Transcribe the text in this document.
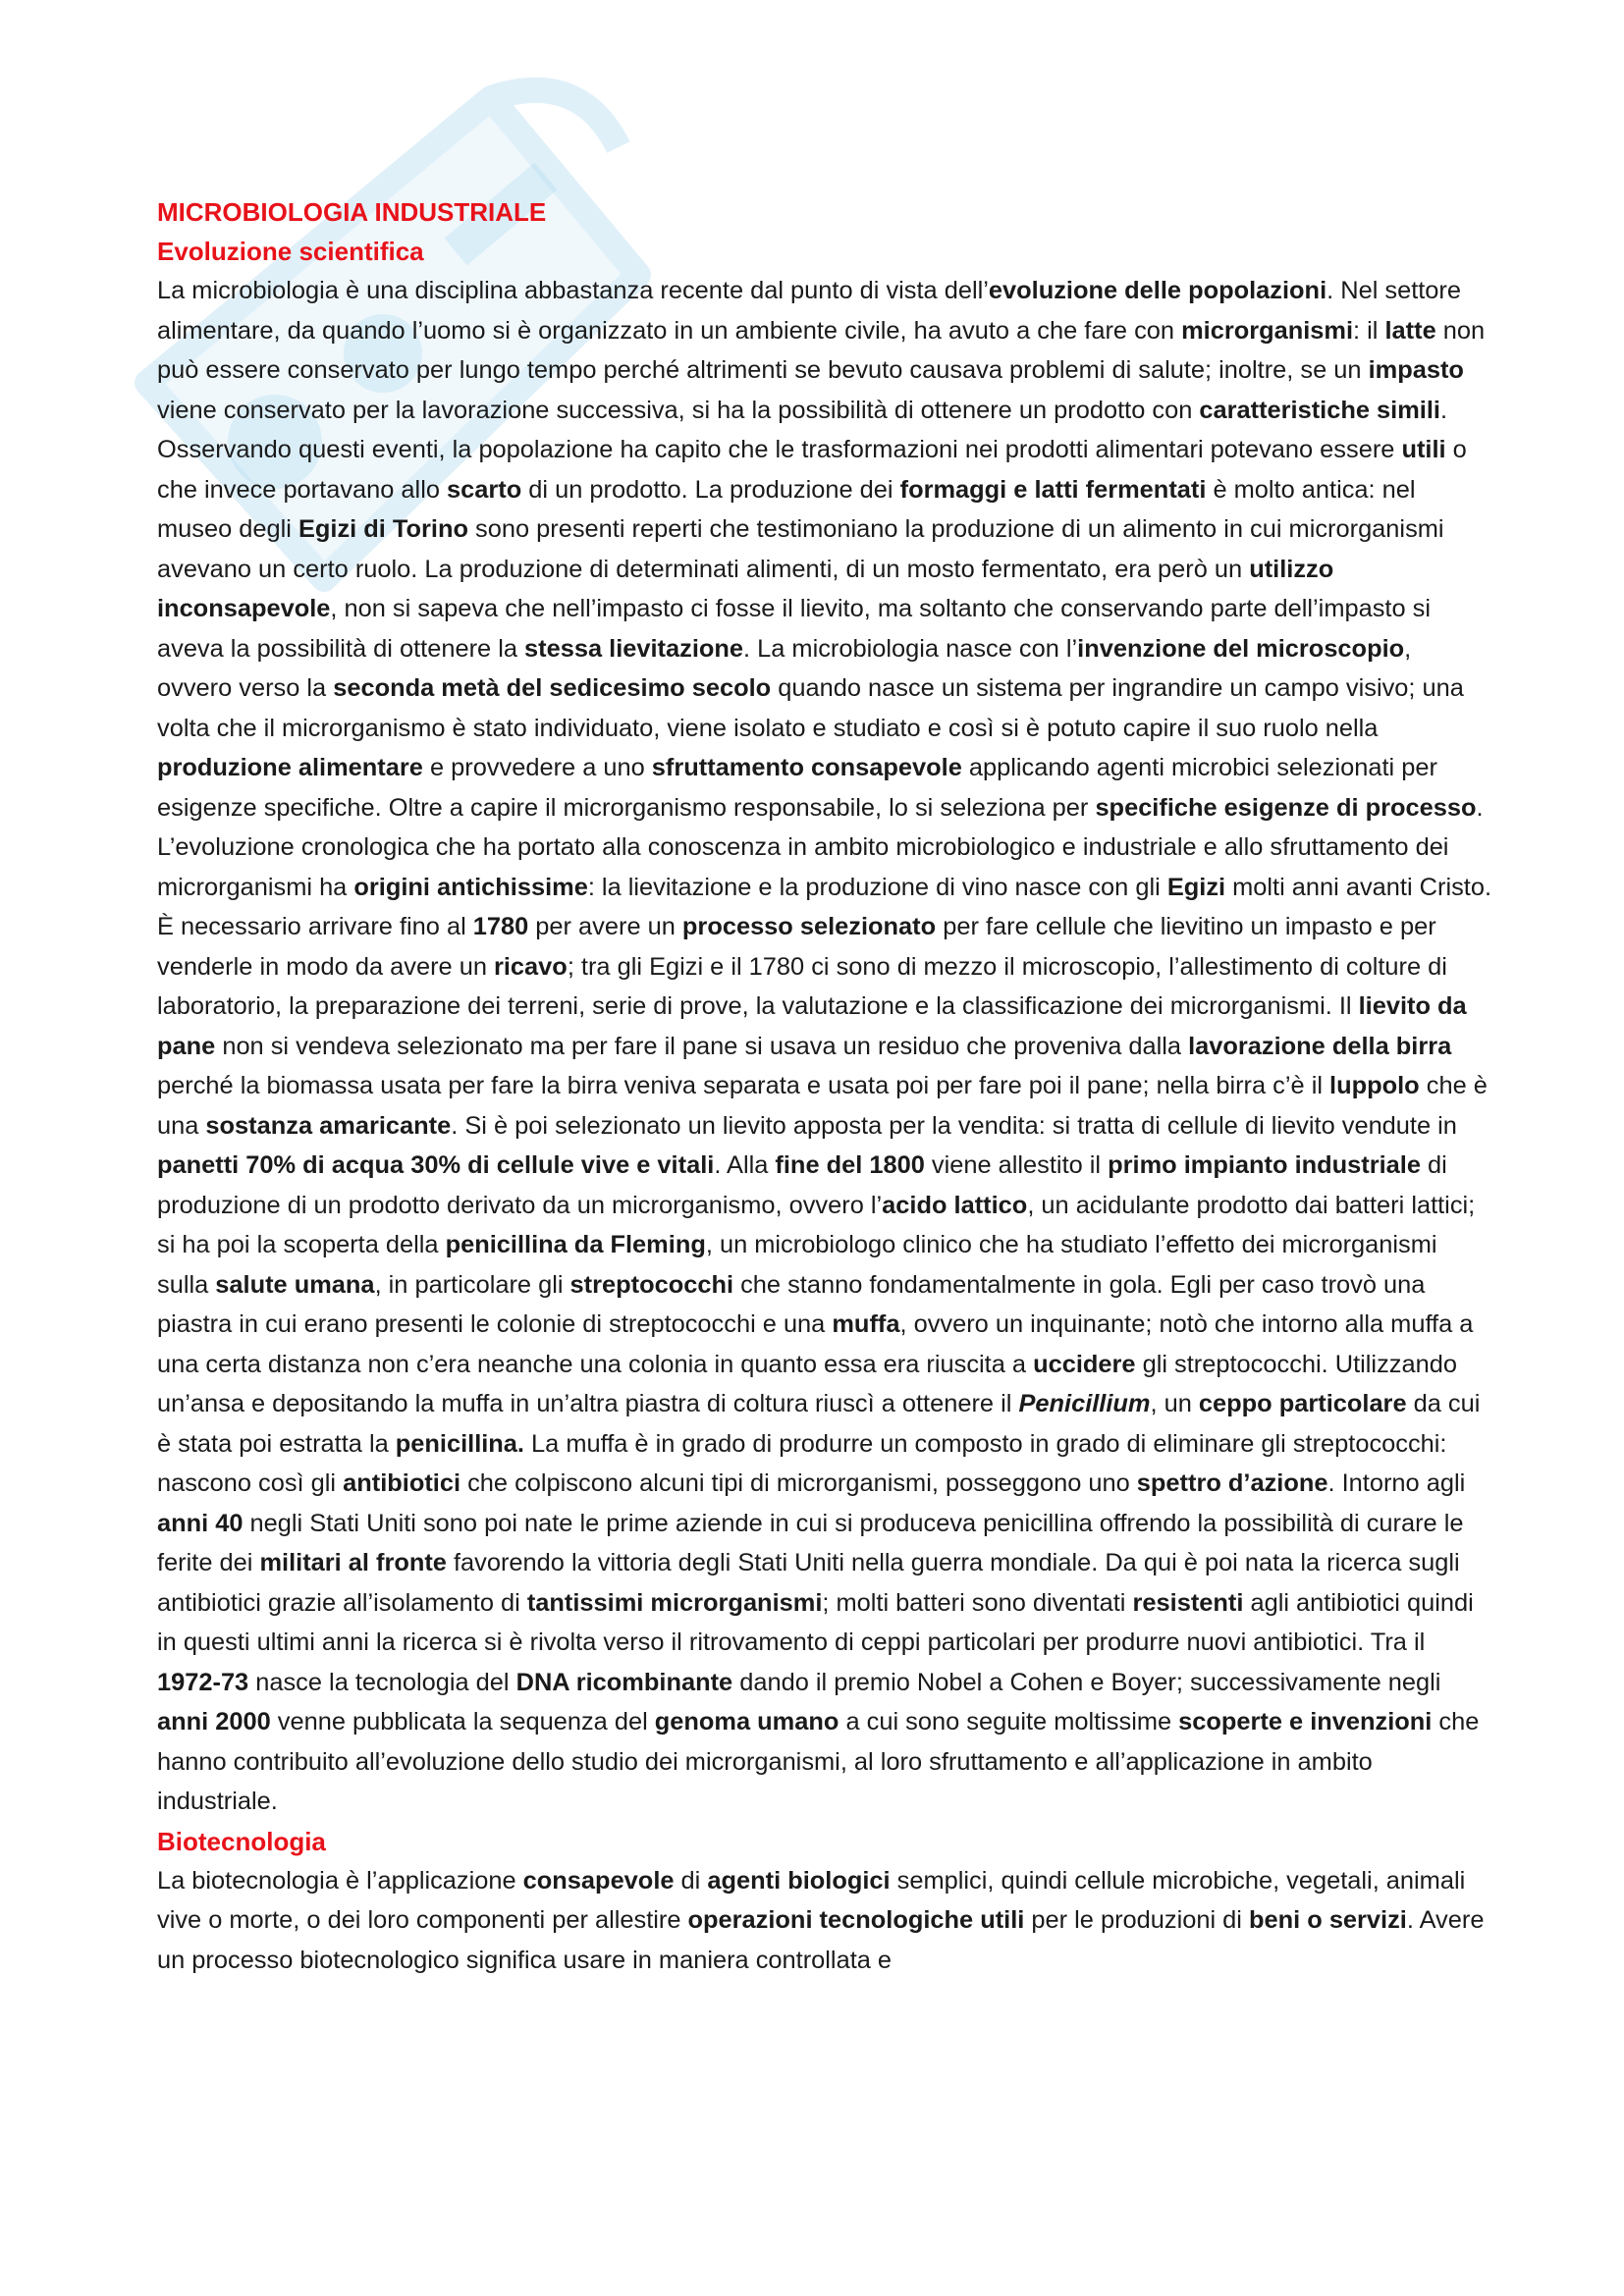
MICROBIOLOGIA INDUSTRIALE
Evoluzione scientifica

La microbiologia è una disciplina abbastanza recente dal punto di vista dell’evoluzione delle popolazioni. Nel settore alimentare, da quando l’uomo si è organizzato in un ambiente civile, ha avuto a che fare con microrganismi: il latte non può essere conservato per lungo tempo perché altrimenti se bevuto causava problemi di salute; inoltre, se un impasto viene conservato per la lavorazione successiva, si ha la possibilità di ottenere un prodotto con caratteristiche simili. Osservando questi eventi, la popolazione ha capito che le trasformazioni nei prodotti alimentari potevano essere utili o che invece portavano allo scarto di un prodotto. La produzione dei formaggi e latti fermentati è molto antica: nel museo degli Egizi di Torino sono presenti reperti che testimoniano la produzione di un alimento in cui microrganismi avevano un certo ruolo. La produzione di determinati alimenti, di un mosto fermentato, era però un utilizzo inconsapevole, non si sapeva che nell’impasto ci fosse il lievito, ma soltanto che conservando parte dell’impasto si aveva la possibilità di ottenere la stessa lievitazione. La microbiologia nasce con l’invenzione del microscopio, ovvero verso la seconda metà del sedicesimo secolo quando nasce un sistema per ingrandire un campo visivo; una volta che il microrganismo è stato individuato, viene isolato e studiato e così si è potuto capire il suo ruolo nella produzione alimentare e provvedere a uno sfruttamento consapevole applicando agenti microbici selezionati per esigenze specifiche. Oltre a capire il microrganismo responsabile, lo si seleziona per specifiche esigenze di processo. L’evoluzione cronologica che ha portato alla conoscenza in ambito microbiologico e industriale e allo sfruttamento dei microrganismi ha origini antichissime: la lievitazione e la produzione di vino nasce con gli Egizi molti anni avanti Cristo. È necessario arrivare fino al 1780 per avere un processo selezionato per fare cellule che lievitino un impasto e per venderle in modo da avere un ricavo; tra gli Egizi e il 1780 ci sono di mezzo il microscopio, l’allestimento di colture di laboratorio, la preparazione dei terreni, serie di prove, la valutazione e la classificazione dei microrganismi. Il lievito da pane non si vendeva selezionato ma per fare il pane si usava un residuo che proveniva dalla lavorazione della birra perché la biomassa usata per fare la birra veniva separata e usata poi per fare poi il pane; nella birra c’è il luppolo che è una sostanza amaricante. Si è poi selezionato un lievito apposta per la vendita: si tratta di cellule di lievito vendute in panetti 70% di acqua 30% di cellule vive e vitali. Alla fine del 1800 viene allestito il primo impianto industriale di produzione di un prodotto derivato da un microrganismo, ovvero l’acido lattico, un acidulante prodotto dai batteri lattici; si ha poi la scoperta della penicillina da Fleming, un microbiologo clinico che ha studiato l’effetto dei microrganismi sulla salute umana, in particolare gli streptococchi che stanno fondamentalmente in gola. Egli per caso trovò una piastra in cui erano presenti le colonie di streptococchi e una muffa, ovvero un inquinante; notò che intorno alla muffa a una certa distanza non c’era neanche una colonia in quanto essa era riuscita a uccidere gli streptococchi. Utilizzando un’ansa e depositando la muffa in un’altra piastra di coltura riuscì a ottenere il Penicillium, un ceppo particolare da cui è stata poi estratta la penicillina. La muffa è in grado di produrre un composto in grado di eliminare gli streptococchi: nascono così gli antibiotici che colpiscono alcuni tipi di microrganismi, posseggono uno spettro d’azione. Intorno agli anni 40 negli Stati Uniti sono poi nate le prime aziende in cui si produceva penicillina offrendo la possibilità di curare le ferite dei militari al fronte favorendo la vittoria degli Stati Uniti nella guerra mondiale. Da qui è poi nata la ricerca sugli antibiotici grazie all’isolamento di tantissimi microrganismi; molti batteri sono diventati resistenti agli antibiotici quindi in questi ultimi anni la ricerca si è rivolta verso il ritrovamento di ceppi particolari per produrre nuovi antibiotici. Tra il 1972-73 nasce la tecnologia del DNA ricombinante dando il premio Nobel a Cohen e Boyer; successivamente negli anni 2000 venne pubblicata la sequenza del genoma umano a cui sono seguite moltissime scoperte e invenzioni che hanno contribuito all’evoluzione dello studio dei microrganismi, al loro sfruttamento e all’applicazione in ambito industriale.

Biotecnologia

La biotecnologia è l’applicazione consapevole di agenti biologici semplici, quindi cellule microbiche, vegetali, animali vive o morte, o dei loro componenti per allestire operazioni tecnologiche utili per le produzioni di beni o servizi. Avere un processo biotecnologico significa usare in maniera controllata e
